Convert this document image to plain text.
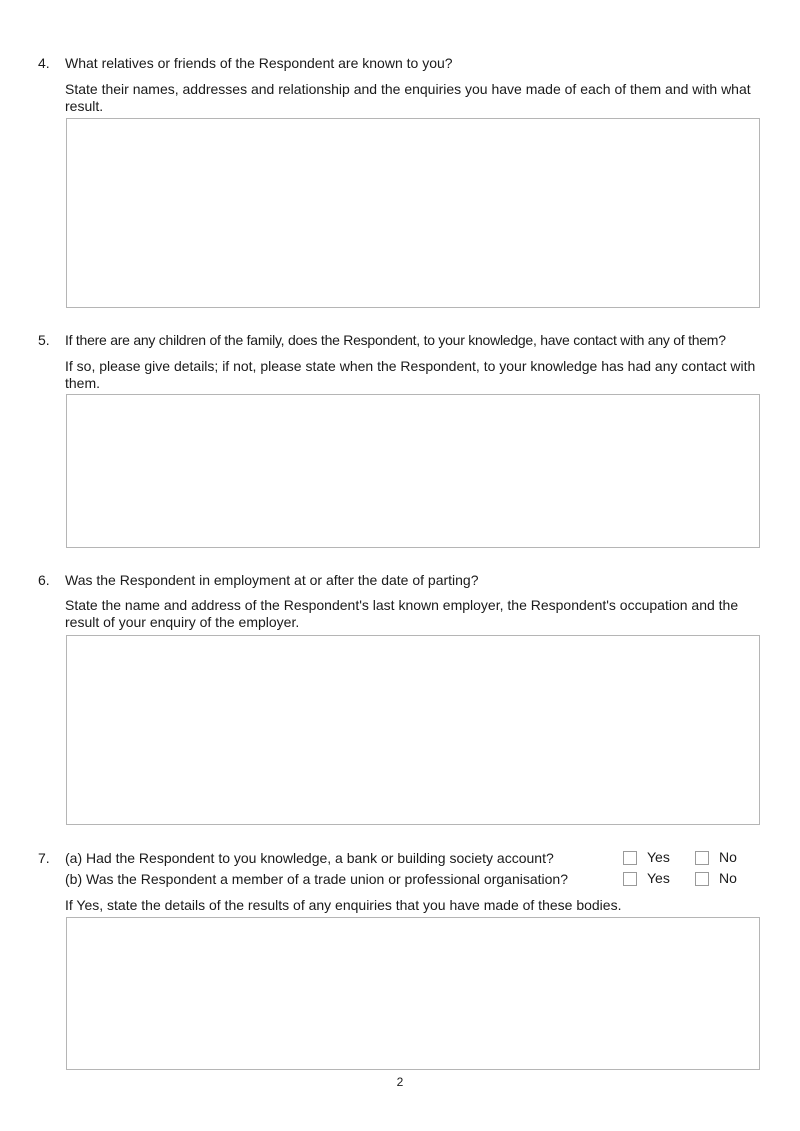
4. What relatives or friends of the Respondent are known to you?
State their names, addresses and relationship and the enquiries you have made of each of them and with what result.
5. If there are any children of the family, does the Respondent, to your knowledge, have contact with any of them?
If so, please give details; if not, please state when the Respondent, to your knowledge has had any contact with them.
6. Was the Respondent in employment at or after the date of parting?
State the name and address of the Respondent's last known employer, the Respondent's occupation and the result of your enquiry of the employer.
7. (a) Had the Respondent to you knowledge, a bank or building society account?
(b) Was the Respondent a member of a trade union or professional organisation?
Yes	No
Yes	No
If Yes, state the details of the results of any enquiries that you have made of these bodies.
2
